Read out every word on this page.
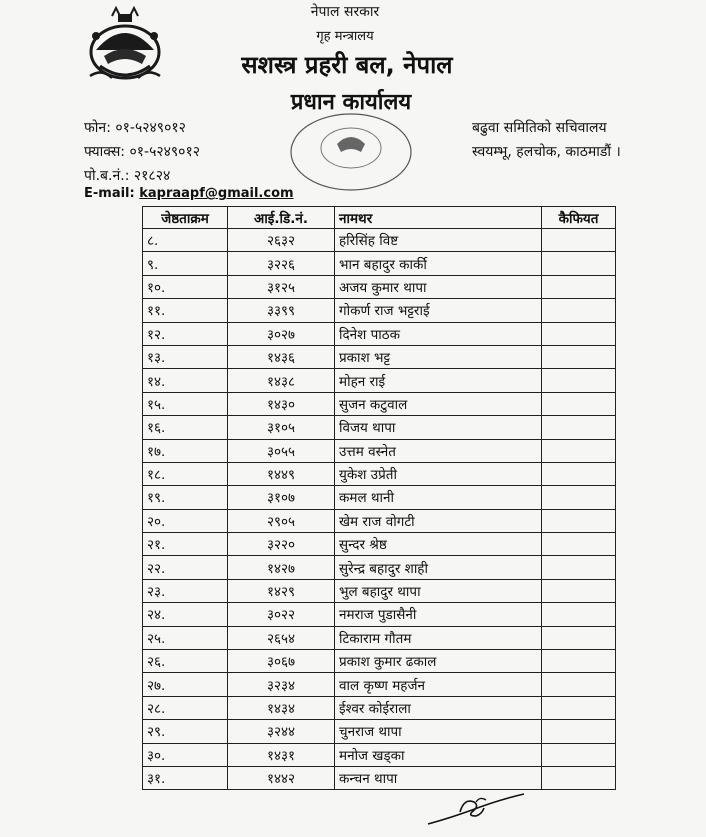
नेपाल सरकार
गृह मन्त्रालय
सशस्त्र प्रहरी बल, नेपाल
प्रधान कार्यालय
फोन: ०१-५२४९०१२
फ्याक्स: ०१-५२४९०१२
पो.ब.नं.: २१८२४
E-mail: kapraapf@gmail.com
बढुवा समितिको सचिवालय
स्वयम्भू, हलचोक, काठमाडौं ।
जेष्ठताक्रम	आई.डि.नं.	नामथर	कैफियत
८.	२६३२	हरिसिंह विष्ट	
९.	३२२६	भान बहादुर कार्की	
१०.	३१२५	अजय कुमार थापा	
११.	३३९९	गोकर्ण राज भट्टराई	
१२.	३०२७	दिनेश पाठक	
१३.	१४३६	प्रकाश भट्ट	
१४.	१४३८	मोहन राई	
१५.	१४३०	सुजन कटुवाल	
१६.	३१०५	विजय थापा	
१७.	३०५५	उत्तम वस्नेत	
१८.	१४४९	युकेश उप्रेती	
१९.	३१०७	कमल थानी	
२०.	२९०५	खेम राज वोगटी	
२१.	३२२०	सुन्दर श्रेष्ठ	
२२.	१४२७	सुरेन्द्र बहादुर शाही	
२३.	१४२९	भुल बहादुर थापा	
२४.	३०२२	नमराज पुडासैनी	
२५.	२६५४	टिकाराम गौतम	
२६.	३०६७	प्रकाश कुमार ढकाल	
२७.	३२३४	वाल कृष्ण महर्जन	
२८.	१४३४	ईश्वर कोईराला	
२९.	३२४४	चुनराज थापा	
३०.	१४३१	मनोज खड्का	
३१.	१४४२	कन्चन थापा	
